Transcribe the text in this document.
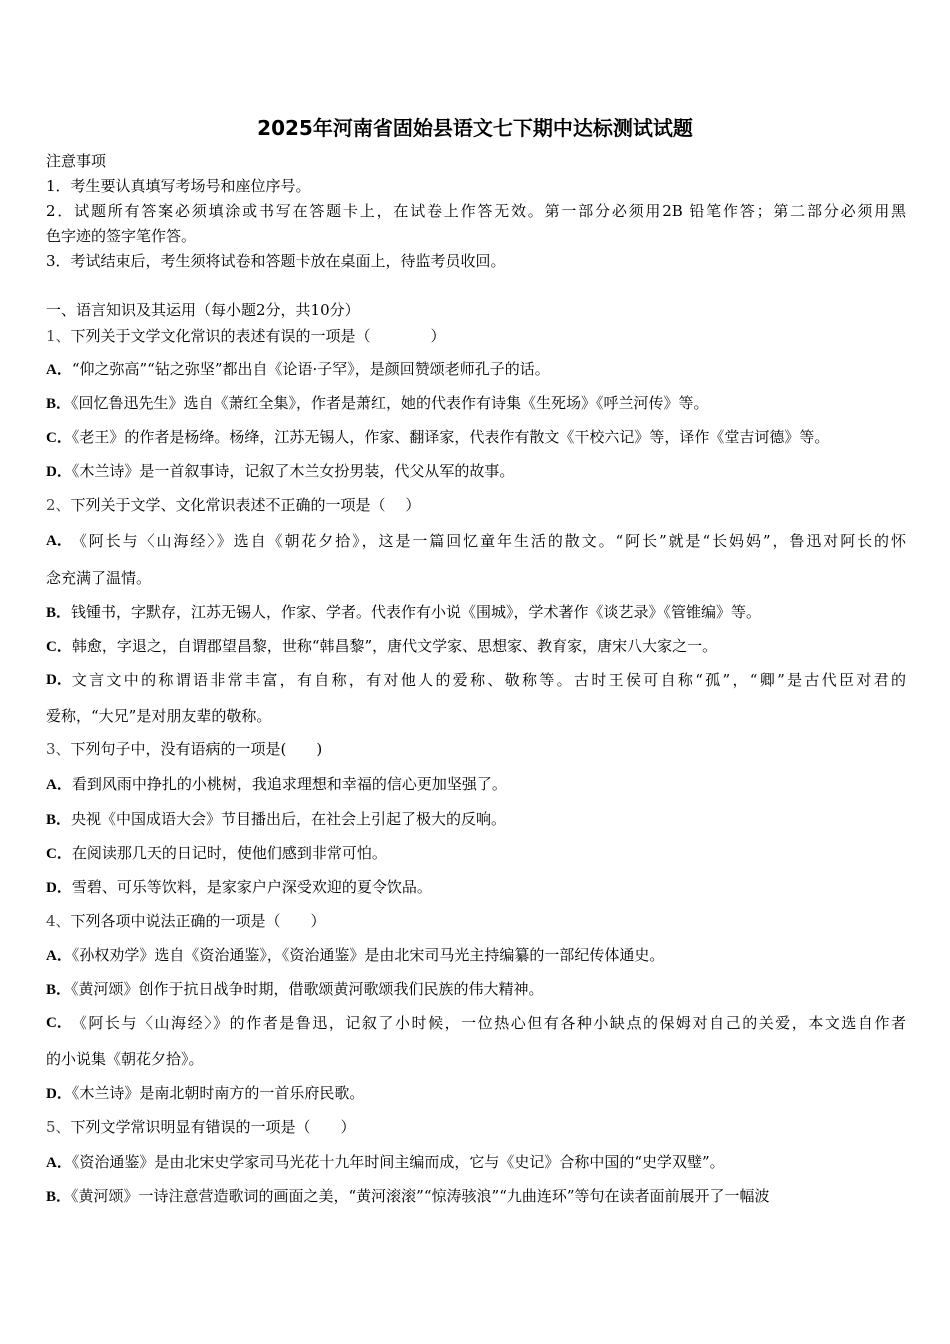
2025年河南省固始县语文七下期中达标测试试题
注意事项
1．考生要认真填写考场号和座位序号。
2．试题所有答案必须填涂或书写在答题卡上，在试卷上作答无效。第一部分必须用2B 铅笔作答；第二部分必须用黑
色字迹的签字笔作答。
3．考试结束后，考生须将试卷和答题卡放在桌面上，待监考员收回。
一、语言知识及其运用（每小题2分，共10分）
1、下列关于文学文化常识的表述有误的一项是（　　　　）
A．“仰之弥高”“钻之弥坚”都出自《论语·子罕》，是颜回赞颂老师孔子的话。
B．《回忆鲁迅先生》选自《萧红全集》，作者是萧红，她的代表作有诗集《生死场》《呼兰河传》等。
C．《老王》的作者是杨绛。杨绛，江苏无锡人，作家、翻译家，代表作有散文《干校六记》等，译作《堂吉诃德》等。
D．《木兰诗》是一首叙事诗，记叙了木兰女扮男装，代父从军的故事。
2、下列关于文学、文化常识表述不正确的一项是（　 ）
A． 《阿长与〈山海经〉》选自《朝花夕拾》，这是一篇回忆童年生活的散文。“阿长”就是“长妈妈”，鲁迅对阿长的怀
念充满了温情。
B．钱锺书，字默存，江苏无锡人，作家、学者。代表作有小说《围城》，学术著作《谈艺录》《管锥编》等。
C．韩愈，字退之，自谓郡望昌黎，世称“韩昌黎”，唐代文学家、思想家、教育家，唐宋八大家之一。
D． 文言文中的称谓语非常丰富，有自称，有对他人的爱称、敬称等。古时王侯可自称“孤”，“卿”是古代臣对君的
爱称，“大兄”是对朋友辈的敬称。
3、下列句子中，没有语病的一项是(　　)
A．看到风雨中挣扎的小桃树，我追求理想和幸福的信心更加坚强了。
B．央视《中国成语大会》节目播出后，在社会上引起了极大的反响。
C．在阅读那几天的日记时，使他们感到非常可怕。
D．雪碧、可乐等饮料，是家家户户深受欢迎的夏令饮品。
4、下列各项中说法正确的一项是（　　）
A．《孙权劝学》选自《资治通鉴》，《资治通鉴》是由北宋司马光主持编纂的一部纪传体通史。
B．《黄河颂》创作于抗日战争时期，借歌颂黄河歌颂我们民族的伟大精神。
C． 《阿长与〈山海经〉》的作者是鲁迅，记叙了小时候，一位热心但有各种小缺点的保姆对自己的关爱，本文选自作者
的小说集《朝花夕拾》。
D．《木兰诗》是南北朝时南方的一首乐府民歌。
5、下列文学常识明显有错误的一项是（　　）
A．《资治通鉴》是由北宋史学家司马光花十九年时间主编而成，它与《史记》合称中国的“史学双璧”。
B．《黄河颂》一诗注意营造歌词的画面之美，“黄河滚滚”“惊涛骇浪”“九曲连环”等句在读者面前展开了一幅波
